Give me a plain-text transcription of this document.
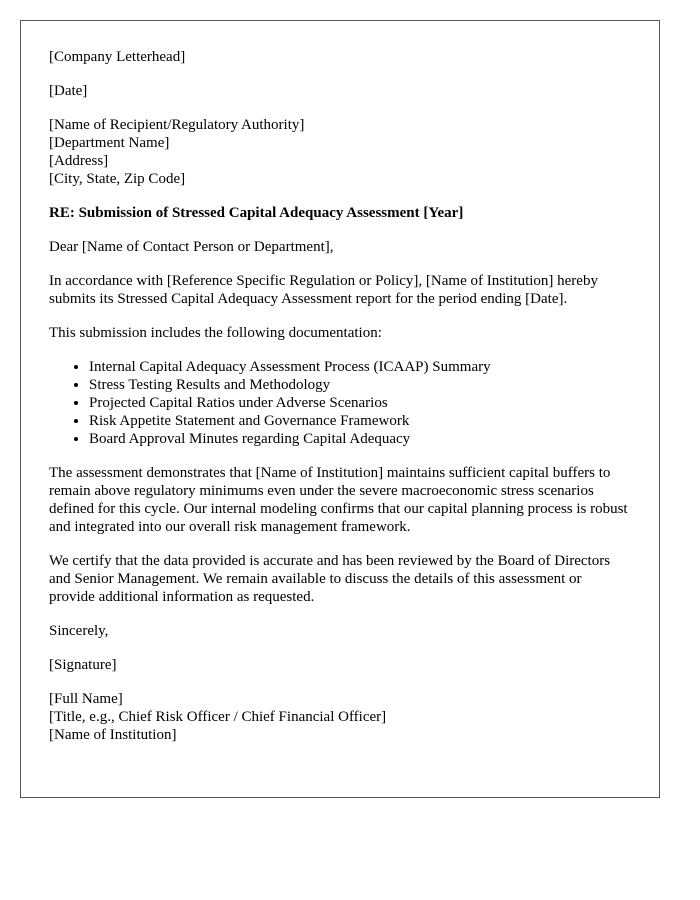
[Company Letterhead]

[Date]

[Name of Recipient/Regulatory Authority]
[Department Name]
[Address]
[City, State, Zip Code]

RE: Submission of Stressed Capital Adequacy Assessment [Year]

Dear [Name of Contact Person or Department],

In accordance with [Reference Specific Regulation or Policy], [Name of Institution] hereby submits its Stressed Capital Adequacy Assessment report for the period ending [Date].

This submission includes the following documentation:

• Internal Capital Adequacy Assessment Process (ICAAP) Summary
• Stress Testing Results and Methodology
• Projected Capital Ratios under Adverse Scenarios
• Risk Appetite Statement and Governance Framework
• Board Approval Minutes regarding Capital Adequacy

The assessment demonstrates that [Name of Institution] maintains sufficient capital buffers to remain above regulatory minimums even under the severe macroeconomic stress scenarios defined for this cycle. Our internal modeling confirms that our capital planning process is robust and integrated into our overall risk management framework.

We certify that the data provided is accurate and has been reviewed by the Board of Directors and Senior Management. We remain available to discuss the details of this assessment or provide additional information as requested.

Sincerely,

[Signature]

[Full Name]
[Title, e.g., Chief Risk Officer / Chief Financial Officer]
[Name of Institution]
